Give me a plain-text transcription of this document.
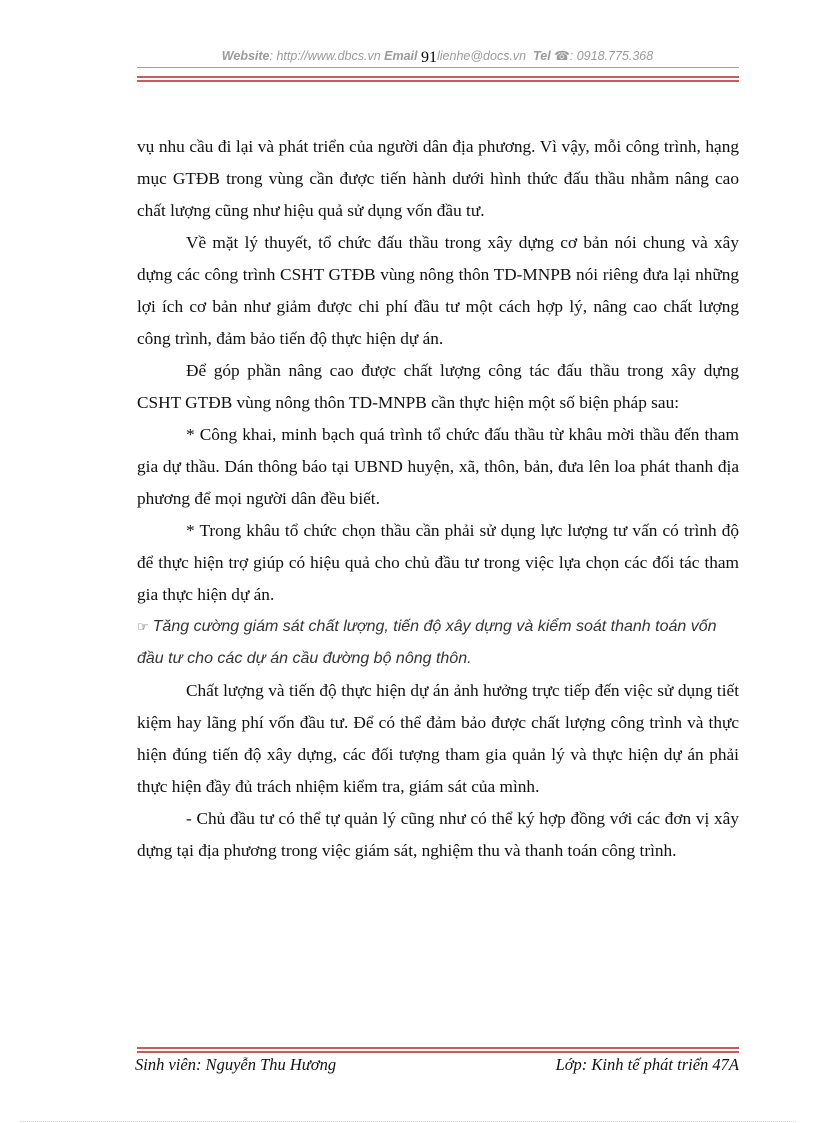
Website: http://www.dbcs.vn Email 91lienhe@docs.vn Tel ☎: 0918.775.368

vụ nhu cầu đi lại và phát triển của người dân địa phương. Vì vậy, mỗi công trình, hạng mục GTĐB trong vùng cần được tiến hành dưới hình thức đấu thầu nhằm nâng cao chất lượng cũng như hiệu quả sử dụng vốn đầu tư.

Về mặt lý thuyết, tổ chức đấu thầu trong xây dựng cơ bản nói chung và xây dựng các công trình CSHT GTĐB vùng nông thôn TD-MNPB nói riêng đưa lại những lợi ích cơ bản như giảm được chi phí đầu tư một cách hợp lý, nâng cao chất lượng công trình, đảm bảo tiến độ thực hiện dự án.

Để góp phần nâng cao được chất lượng công tác đấu thầu trong xây dựng CSHT GTĐB vùng nông thôn TD-MNPB cần thực hiện một số biện pháp sau:

* Công khai, minh bạch quá trình tổ chức đấu thầu từ khâu mời thầu đến tham gia dự thầu. Dán thông báo tại UBND huyện, xã, thôn, bản, đưa lên loa phát thanh địa phương để mọi người dân đều biết.

* Trong khâu tổ chức chọn thầu cần phải sử dụng lực lượng tư vấn có trình độ để thực hiện trợ giúp có hiệu quả cho chủ đầu tư trong việc lựa chọn các đối tác tham gia thực hiện dự án.

☞ Tăng cường giám sát chất lượng, tiến độ xây dựng và kiểm soát thanh toán vốn đầu tư cho các dự án cầu đường bộ nông thôn.

Chất lượng và tiến độ thực hiện dự án ảnh hưởng trực tiếp đến việc sử dụng tiết kiệm hay lãng phí vốn đầu tư. Để có thể đảm bảo được chất lượng công trình và thực hiện đúng tiến độ xây dựng, các đối tượng tham gia quản lý và thực hiện dự án phải thực hiện đầy đủ trách nhiệm kiểm tra, giám sát của mình.

- Chủ đầu tư có thể tự quản lý cũng như có thể ký hợp đồng với các đơn vị xây dựng tại địa phương trong việc giám sát, nghiệm thu và thanh toán công trình.

Sinh viên: Nguyễn Thu Hương	Lớp: Kinh tế phát triển 47A
